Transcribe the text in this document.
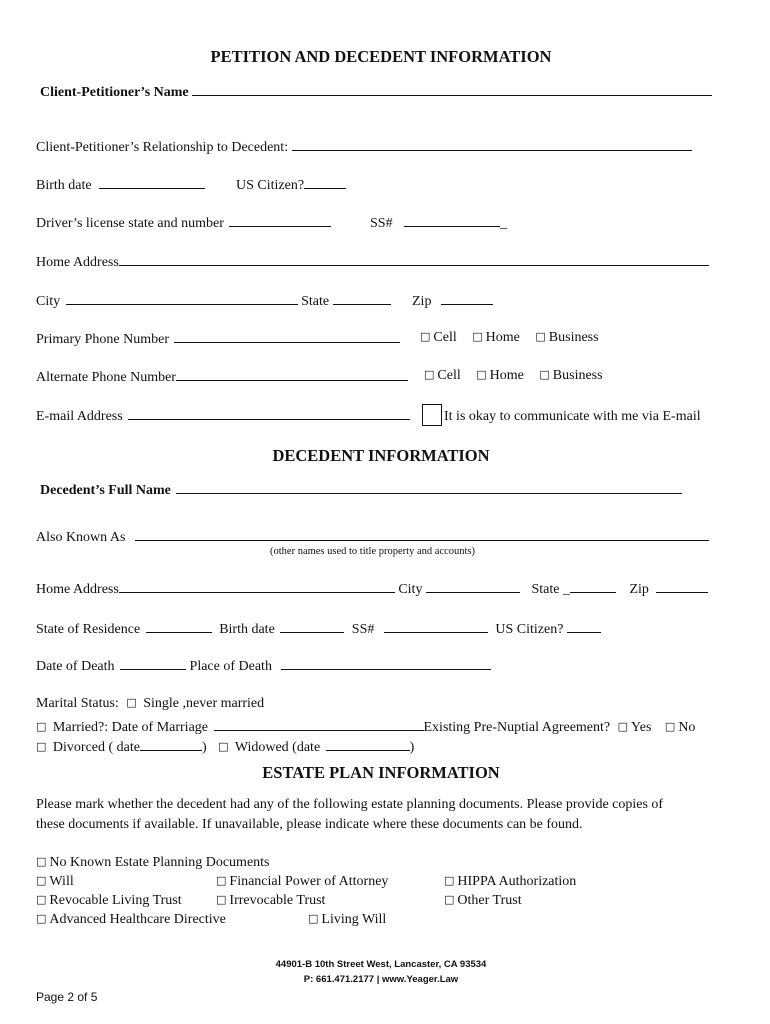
PETITION AND DECEDENT INFORMATION
Client-Petitioner’s Name
Client-Petitioner’s Relationship to Decedent:
Birth date	US Citizen?
Driver’s license state and number	SS#	_
Home Address
City	State	Zip
Primary Phone Number	□ Cell □ Home □ Business
Alternate Phone Number	□ Cell □ Home □ Business
E-mail Address	It is okay to communicate with me via E-mail
DECEDENT INFORMATION
Decedent’s Full Name
Also Known As
(other names used to title property and accounts)
Home Address	City	State _	Zip
State of Residence	Birth date	SS#	US Citizen?
Date of Death	Place of Death
Marital Status: □ Single ,never married
□ Married?: Date of Marriage	Existing Pre-Nuptial Agreement? □ Yes □ No
□ Divorced ( date	) □ Widowed (date	)
ESTATE PLAN INFORMATION
Please mark whether the decedent had any of the following estate planning documents. Please provide copies of
these documents if available. If unavailable, please indicate where these documents can be found.
□ No Known Estate Planning Documents
□ Will	□ Financial Power of Attorney	□ HIPPA Authorization
□ Revocable Living Trust	□ Irrevocable Trust	□ Other Trust
□ Advanced Healthcare Directive	□ Living Will
44901-B 10th Street West, Lancaster, CA 93534
P: 661.471.2177 | www.Yeager.Law
Page 2 of 5
